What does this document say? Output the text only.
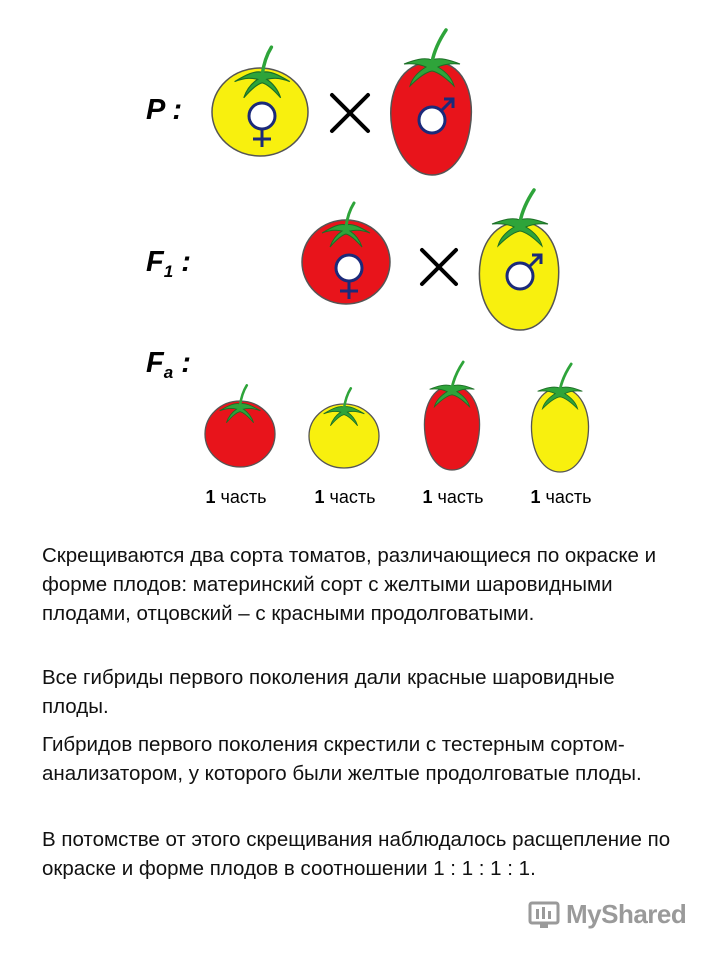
P :
$F_1$ :
$F_a$ :
1 часть	1 часть	1 часть	1 часть

Скрещиваются два сорта томатов, различающиеся по окраске и форме плодов: материнский сорт с желтыми шаровидными плодами, отцовский – с красными продолговатыми.

Все гибриды первого поколения дали красные шаровидные плоды.

Гибридов первого поколения скрестили с тестерным сортом-анализатором, у которого были желтые продолговатые плоды.

В потомстве от этого скрещивания наблюдалось расщепление по окраске и форме плодов в соотношении 1 : 1 : 1 : 1.

MyShared
